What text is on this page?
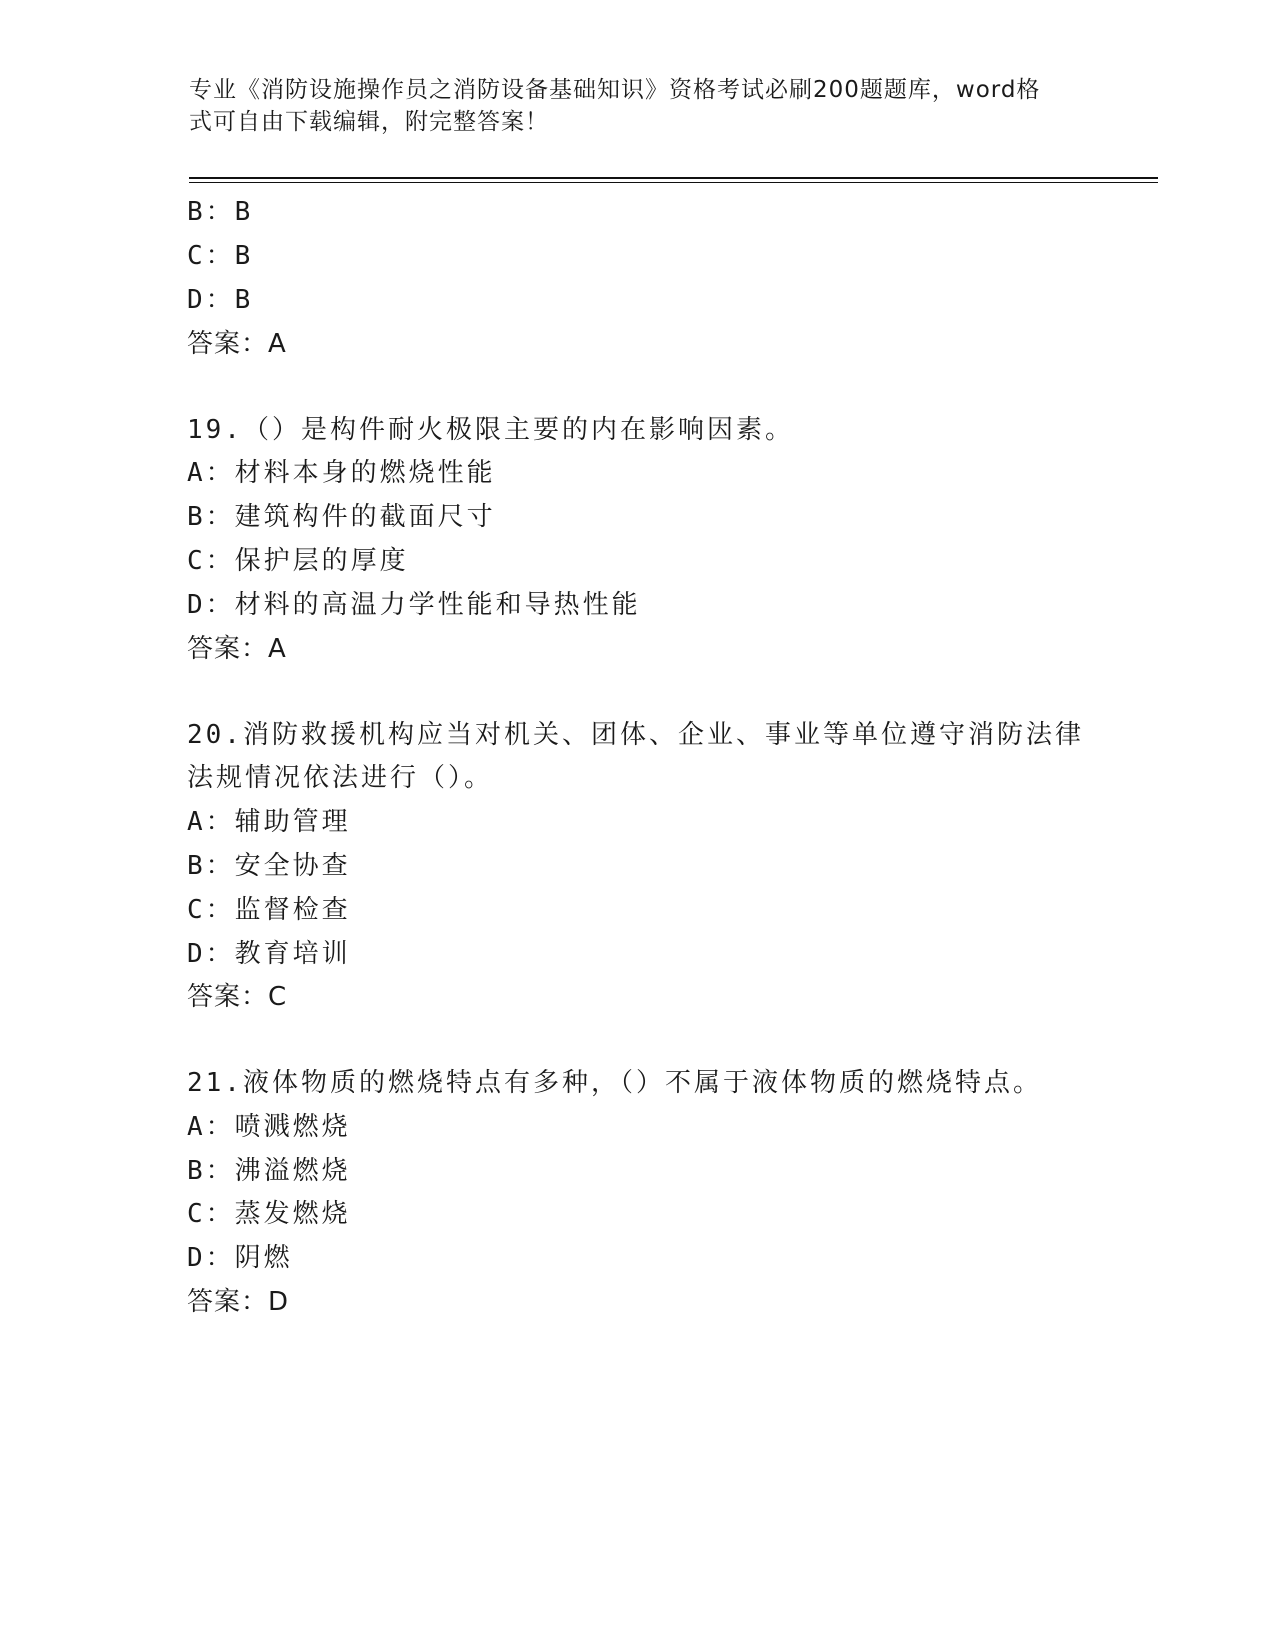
专业《消防设施操作员之消防设备基础知识》资格考试必刷200题题库，word格
式可自由下载编辑，附完整答案！
B：B
C：B
D：B
答案：A
19.（）是构件耐火极限主要的内在影响因素。
A：材料本身的燃烧性能
B：建筑构件的截面尺寸
C：保护层的厚度
D：材料的高温力学性能和导热性能
答案：A
20.消防救援机构应当对机关、团体、企业、事业等单位遵守消防法律
法规情况依法进行（）。
A：辅助管理
B：安全协查
C：监督检查
D：教育培训
答案：C
21.液体物质的燃烧特点有多种，（）不属于液体物质的燃烧特点。
A：喷溅燃烧
B：沸溢燃烧
C：蒸发燃烧
D：阴燃
答案：D
